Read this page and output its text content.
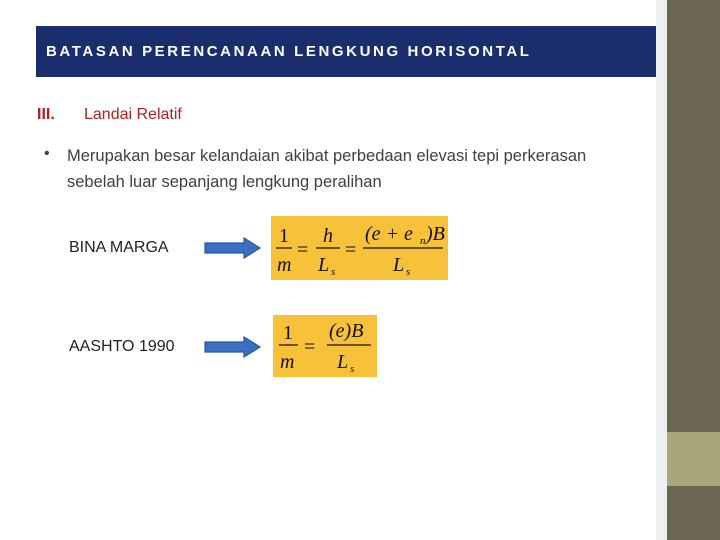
BATASAN PERENCANAAN LENGKUNG HORISONTAL
III. Landai Relatif
• Merupakan besar kelandaian akibat perbedaan elevasi tepi perkerasan sebelah luar sepanjang lengkung peralihan

BINA MARGA
1
m
=
h
L s
=
(e + e n )B
L s
AASHTO 1990
1
m
=
(e)B
L s
